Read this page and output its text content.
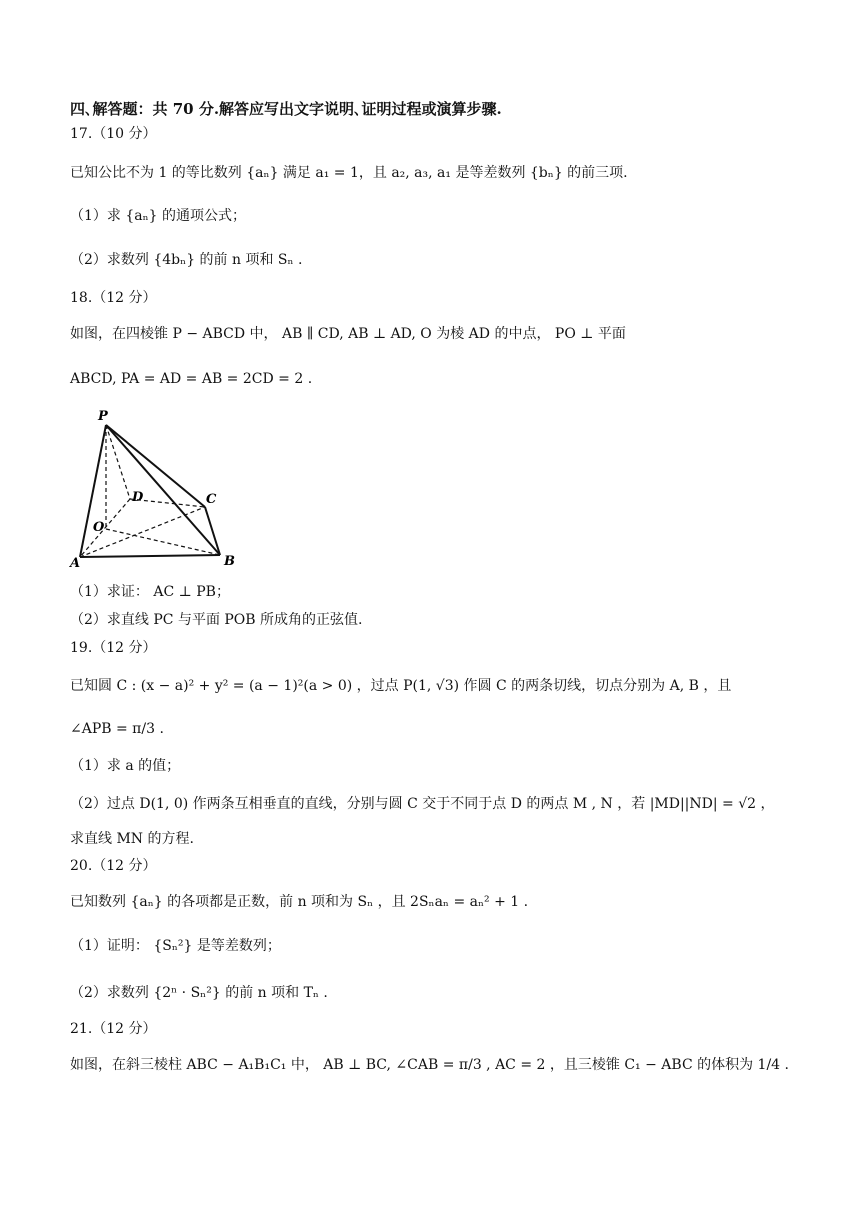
四､解答题：共 70 分.解答应写出文字说明､证明过程或演算步骤.
17.（10 分）
已知公比不为 1 的等比数列 {aₙ} 满足 a₁ = 1，且 a₂, a₃, a₁ 是等差数列 {bₙ} 的前三项.
（1）求 {aₙ} 的通项公式；
（2）求数列 {4bₙ} 的前 n 项和 Sₙ .
18.（12 分）
如图，在四棱锥 P − ABCD 中， AB ∥ CD, AB ⊥ AD, O 为棱 AD 的中点， PO ⊥ 平面
ABCD, PA = AD = AB = 2CD = 2 .
P
D	C
O
A	B
（1）求证： AC ⊥ PB；
（2）求直线 PC 与平面 POB 所成角的正弦值.
19.（12 分）
已知圆 C : (x − a)² + y² = (a − 1)²(a > 0) ，过点 P(1, √3) 作圆 C 的两条切线，切点分别为 A, B ，且
∠APB = π/3 .
（1）求 a 的值；
（2）过点 D(1, 0) 作两条互相垂直的直线，分别与圆 C 交于不同于点 D 的两点 M , N ，若 |MD||ND| = √2 ，
求直线 MN 的方程.
20.（12 分）
已知数列 {aₙ} 的各项都是正数，前 n 项和为 Sₙ ，且 2Sₙaₙ = aₙ² + 1 .
（1）证明： {Sₙ²} 是等差数列；
（2）求数列 {2ⁿ · Sₙ²} 的前 n 项和 Tₙ .
21.（12 分）
如图，在斜三棱柱 ABC − A₁B₁C₁ 中， AB ⊥ BC, ∠CAB = π/3 , AC = 2 ，且三棱锥 C₁ − ABC 的体积为 1/4 .
